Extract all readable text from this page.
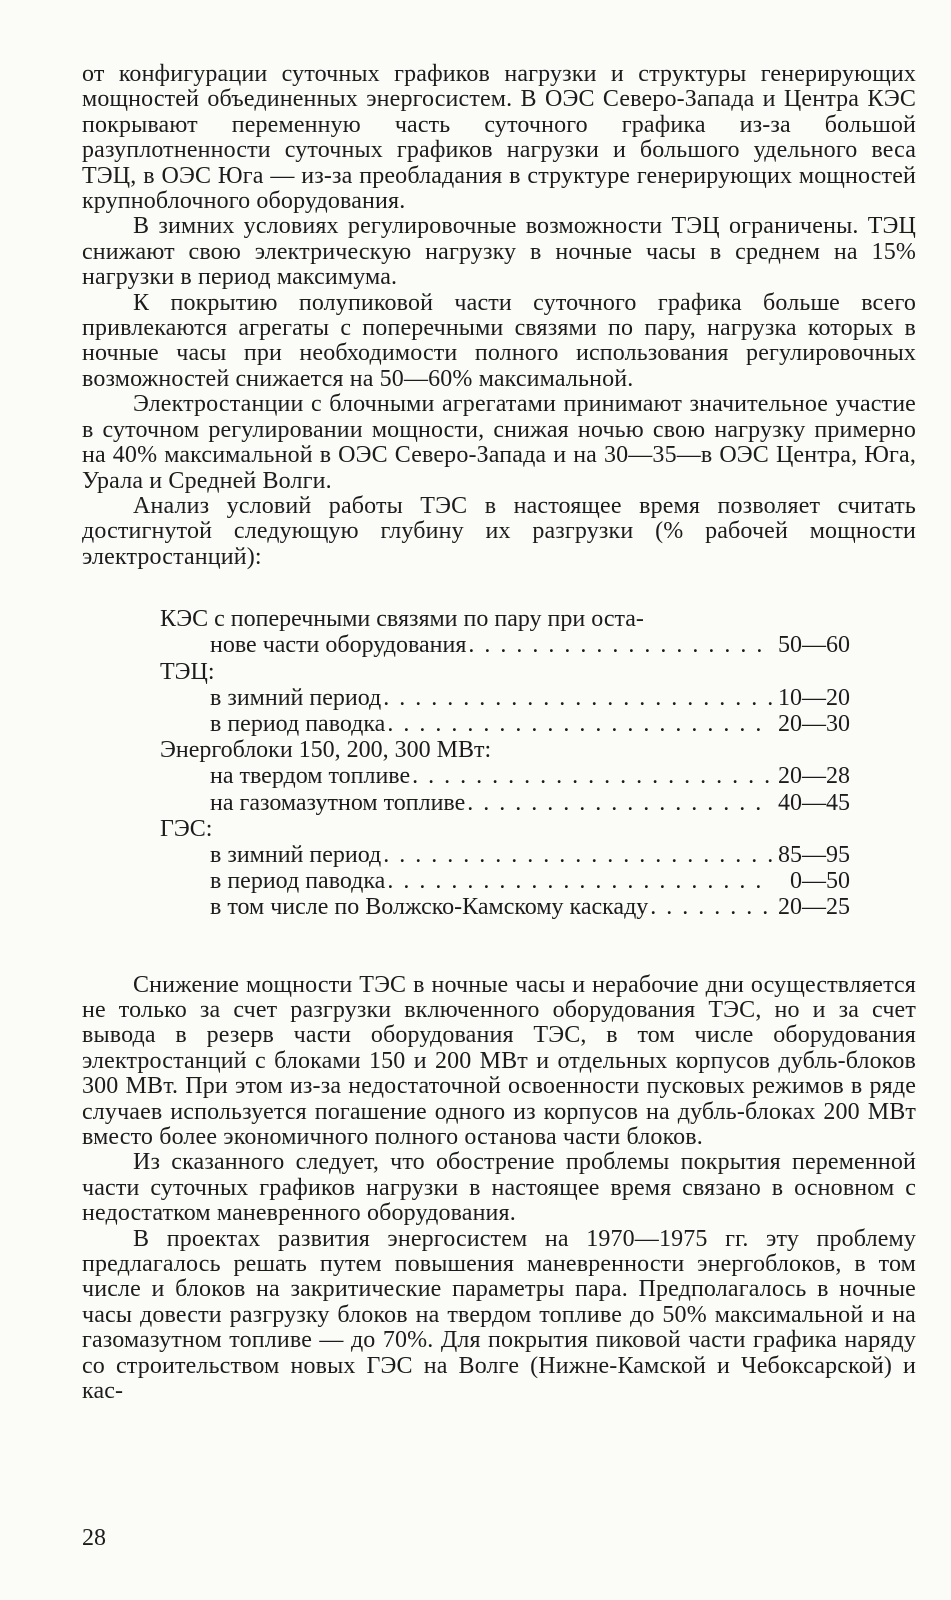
от конфигурации суточных графиков нагрузки и структуры генерирующих мощностей объединенных энергосистем. В ОЭС Северо-Запада и Центра КЭС покрывают переменную часть суточного графика из-за большой разуплотненности суточных графиков нагрузки и большого удельного веса ТЭЦ, в ОЭС Юга — из-за преобладания в структуре генерирующих мощностей крупноблочного оборудования.

В зимних условиях регулировочные возможности ТЭЦ ограничены. ТЭЦ снижают свою электрическую нагрузку в ночные часы в среднем на 15% нагрузки в период максимума.

К покрытию полупиковой части суточного графика больше всего привлекаются агрегаты с поперечными связями по пару, нагрузка которых в ночные часы при необходимости полного использования регулировочных возможностей снижается на 50—60% максимальной.

Электростанции с блочными агрегатами принимают значительное участие в суточном регулировании мощности, снижая ночью свою нагрузку примерно на 40% максимальной в ОЭС Северо-Запада и на 30—35—в ОЭС Центра, Юга, Урала и Средней Волги.

Анализ условий работы ТЭС в настоящее время позволяет считать достигнутой следующую глубину их разгрузки (% рабочей мощности электростанций):

КЭС с поперечными связями по пару при оста-
нове части оборудования . . .	50—60
ТЭЦ:
в зимний период . . .	10—20
в период паводка . . .	20—30
Энергоблоки 150, 200, 300 МВт:
на твердом топливе . . .	20—28
на газомазутном топливе . . .	40—45
ГЭС:
в зимний период . . .	85—95
в период паводка . . .	0—50
в том числе по Волжско-Камскому каскаду . . .	20—25

Снижение мощности ТЭС в ночные часы и нерабочие дни осуществляется не только за счет разгрузки включенного оборудования ТЭС, но и за счет вывода в резерв части оборудования ТЭС, в том числе оборудования электростанций с блоками 150 и 200 МВт и отдельных корпусов дубль-блоков 300 МВт. При этом из-за недостаточной освоенности пусковых режимов в ряде случаев используется погашение одного из корпусов на дубль-блоках 200 МВт вместо более экономичного полного останова части блоков.

Из сказанного следует, что обострение проблемы покрытия переменной части суточных графиков нагрузки в настоящее время связано в основном с недостатком маневренного оборудования.

В проектах развития энергосистем на 1970—1975 гг. эту проблему предлагалось решать путем повышения маневренности энергоблоков, в том числе и блоков на закритические параметры пара. Предполагалось в ночные часы довести разгрузку блоков на твердом топливе до 50% максимальной и на газомазутном топливе — до 70%. Для покрытия пиковой части графика наряду со строительством новых ГЭС на Волге (Нижне-Камской и Чебоксарской) и кас-

28
